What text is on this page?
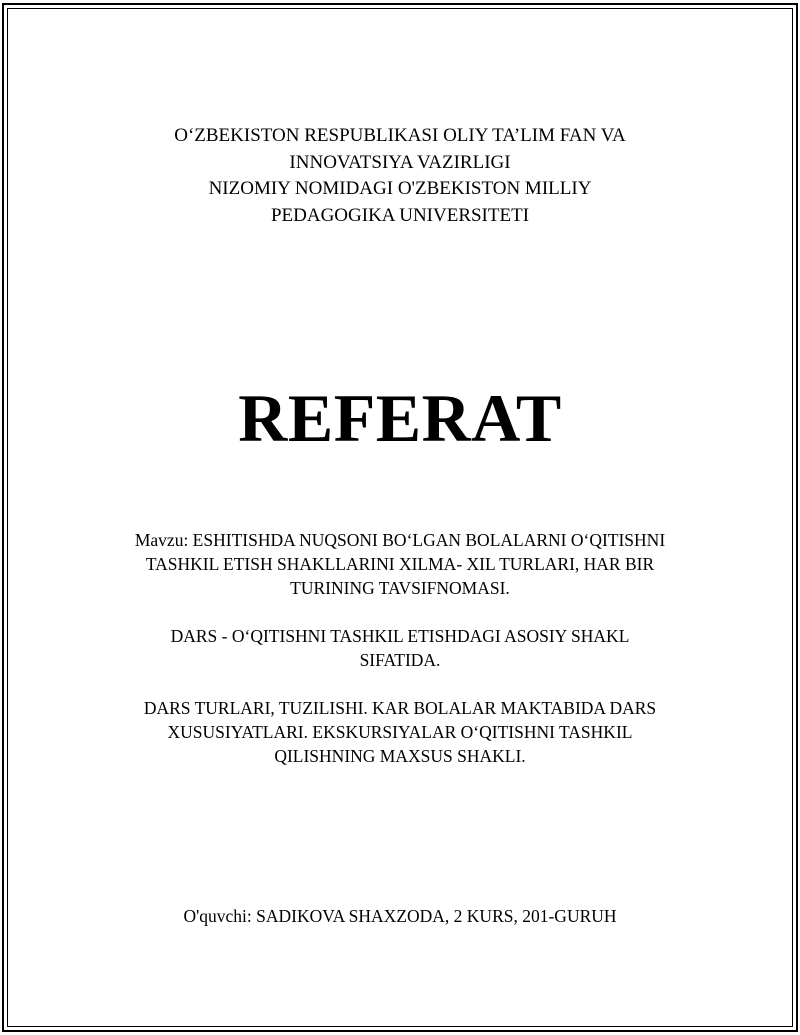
O‘ZBEKISTON RESPUBLIKASI OLIY TA’LIM FAN VA
INNOVATSIYA VAZIRLIGI
NIZOMIY NOMIDAGI O'ZBEKISTON MILLIY
PEDAGOGIKA UNIVERSITETI
REFERAT
Mavzu: ESHITISHDA NUQSONI BO‘LGAN BOLALARNI O‘QITISHNI
TASHKIL ETISH SHAKLLARINI XILMA- XIL TURLARI, HAR BIR
TURINING TAVSIFNOMASI.
DARS - O‘QITISHNI TASHKIL ETISHDAGI ASOSIY SHAKL
SIFATIDA.
DARS TURLARI, TUZILISHI. KAR BOLALAR MAKTABIDA DARS
XUSUSIYATLARI. EKSKURSIYALAR O‘QITISHNI TASHKIL
QILISHNING MAXSUS SHAKLI.
O'quvchi: SADIKOVA SHAXZODA, 2 KURS, 201-GURUH
